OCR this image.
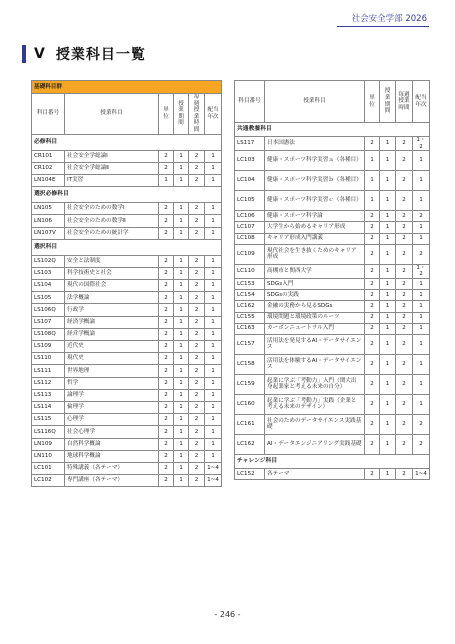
社会安全学部 2026
V 授業科目一覧
基礎科目群					
科目番号	授業科目	単位	授業期間	毎週授業時間	配当年次
必修科目					
CR101	社会安全学総論Ⅰ	2	1	2	1
CR102	社会安全学総論Ⅱ	2	1	2	1
LN104E	IT実習	1	1	2	1
選択必修科目					
LN105	社会安全のための数学Ⅰ	2	1	2	1
LN106	社会安全のための数学Ⅱ	2	1	2	1
LN107V	社会安全のための統計学	2	1	2	1
選択科目					
LS102Q	安全と法制度	2	1	2	1
LS103	科学技術史と社会	2	1	2	1
LS104	現代の国際社会	2	1	2	1
LS105	法学概論	2	1	2	1
LS106Q	行政学	2	1	2	1
LS107	経済学概論	2	1	2	1
LS108Q	経営学概論	2	1	2	1
LS109	近代史	2	1	2	1
LS110	現代史	2	1	2	1
LS111	世界地理	2	1	2	1
LS112	哲学	2	1	2	1
LS113	論理学	2	1	2	1
LS114	倫理学	2	1	2	1
LS115	心理学	2	1	2	1
LS116Q	社会心理学	2	1	2	1
LN109	自然科学概論	2	1	2	1
LN110	地球科学概論	2	1	2	1
LC101	特殊講義（各テーマ）	2	1	2	1~4
LC102	専門講座（各テーマ）	2	1	2	1~4
科目番号	授業科目	単位	授業期間	毎週授業時間	配当年次
共通教養科目					
LS117	日本国憲法	2	1	2	1・2
LC103	健康・スポーツ科学実習ａ（各種目）	1	1	2	1
LC104	健康・スポーツ科学実習ｂ（各種目）	1	1	2	1
LC105	健康・スポーツ科学実習ｃ（各種目）	1	1	2	1
LC106	健康・スポーツ科学論	2	1	2	2
LC107	大学生から始めるキャリア形成	2	1	2	1
LC108	キャリア形成入門講義	2	1	2	1
LC109	現代社会を生き抜くためのキャリア形成	2	1	2	2
LC110	高槻市と関西大学	2	1	2	1・2
LC153	SDGs入門	2	1	2	1
LC154	SDGsの実践	2	1	2	1
LC162	金融の実務から見るSDGs	2	1	2	1
LC155	環境問題と環境政策のルーツ	2	1	2	1
LC163	カーボンニュートラル入門	2	1	2	1
LC157	活用法を発見するAI・データサイエンス	2	1	2	1
LC158	活用法を体験するAI・データサイエンス	2	1	2	1
LC159	起業に学ぶ「考動力」入門（関大出身起業家と考える未来の自分）	2	1	2	1
LC160	起業に学ぶ「考動力」実践（企業と考える未来のデザイン）	2	1	2	1
LC161	社会のためのデータサイエンス実践基礎	2	1	2	2
LC162	AI・データエンジニアリング実践基礎	2	1	2	2
チャレンジ科目					
LC152	各テーマ	2	1	2	1~4
- 246 -
